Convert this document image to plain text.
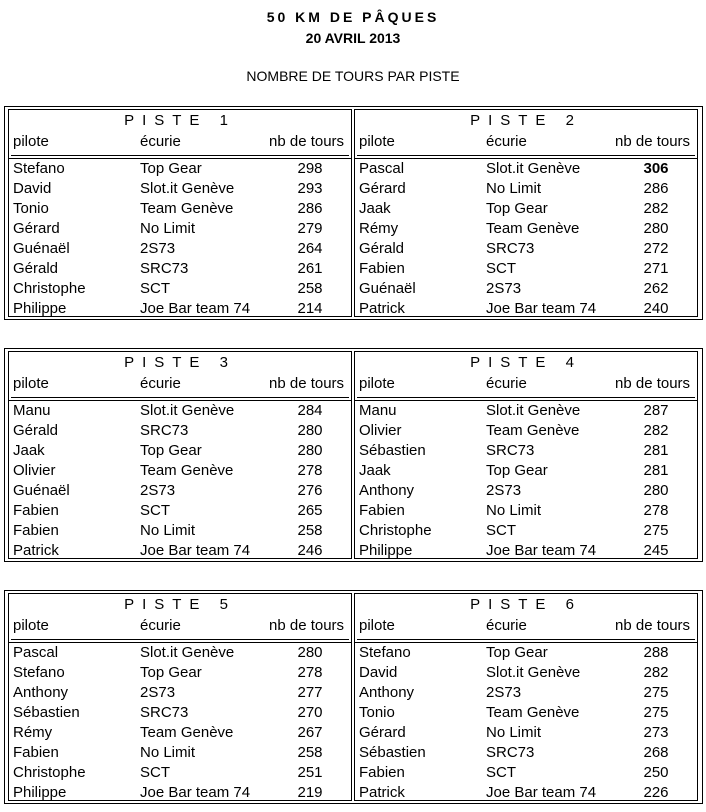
50 KM DE PÂQUES
20 AVRIL 2013
NOMBRE DE TOURS PAR PISTE
PISTE 1
pilote	écurie	nb de tours
Stefano	Top Gear	298
David	Slot.it Genève	293
Tonio	Team Genève	286
Gérard	No Limit	279
Guénaël	2S73	264
Gérald	SRC73	261
Christophe	SCT	258
Philippe	Joe Bar team 74	214
PISTE 2
pilote	écurie	nb de tours
Pascal	Slot.it Genève	306
Gérard	No Limit	286
Jaak	Top Gear	282
Rémy	Team Genève	280
Gérald	SRC73	272
Fabien	SCT	271
Guénaël	2S73	262
Patrick	Joe Bar team 74	240
PISTE 3
pilote	écurie	nb de tours
Manu	Slot.it Genève	284
Gérald	SRC73	280
Jaak	Top Gear	280
Olivier	Team Genève	278
Guénaël	2S73	276
Fabien	SCT	265
Fabien	No Limit	258
Patrick	Joe Bar team 74	246
PISTE 4
pilote	écurie	nb de tours
Manu	Slot.it Genève	287
Olivier	Team Genève	282
Sébastien	SRC73	281
Jaak	Top Gear	281
Anthony	2S73	280
Fabien	No Limit	278
Christophe	SCT	275
Philippe	Joe Bar team 74	245
PISTE 5
pilote	écurie	nb de tours
Pascal	Slot.it Genève	280
Stefano	Top Gear	278
Anthony	2S73	277
Sébastien	SRC73	270
Rémy	Team Genève	267
Fabien	No Limit	258
Christophe	SCT	251
Philippe	Joe Bar team 74	219
PISTE 6
pilote	écurie	nb de tours
Stefano	Top Gear	288
David	Slot.it Genève	282
Anthony	2S73	275
Tonio	Team Genève	275
Gérard	No Limit	273
Sébastien	SRC73	268
Fabien	SCT	250
Patrick	Joe Bar team 74	226
